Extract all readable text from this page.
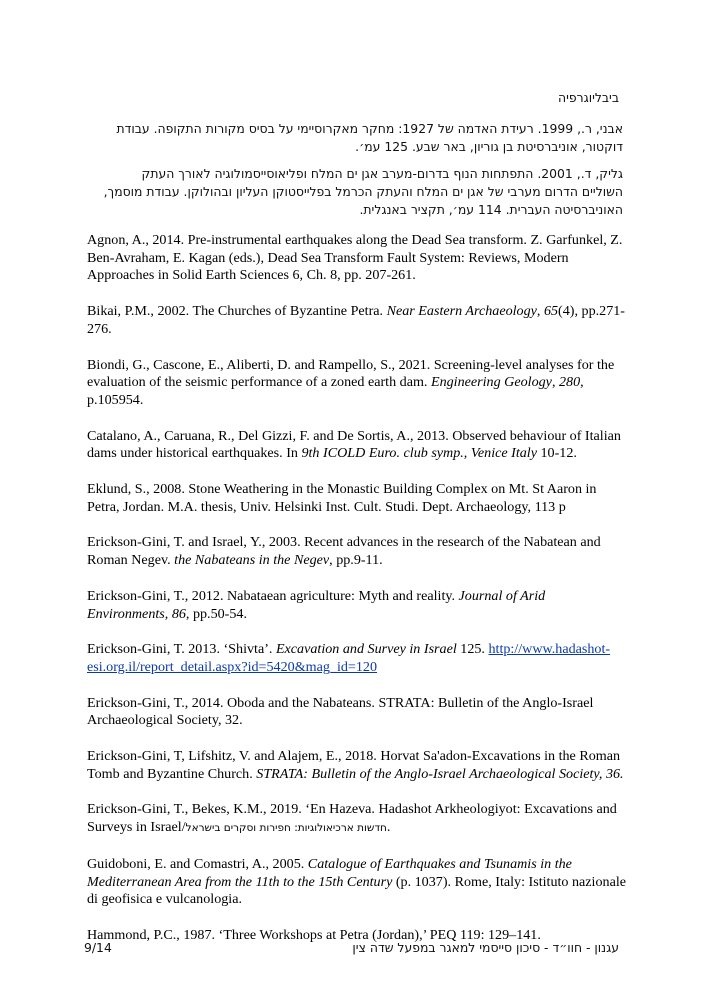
ביבליוגרפיה
אבני, ר., 1999. רעידת האדמה של 1927: מחקר מאקרוסיימי על בסיס מקורות התקופה. עבודת
דוקטור, אוניברסיטת בן גוריון, באר שבע. 125 עמ׳.
גליק, ד., 2001. התפתחות הנוף בדרום-מערב אגן ים המלח ופליאוסייסמולוגיה לאורך העתק
השוליים הדרום מערבי של אגן ים המלח והעתק הכרמל בפלייסטוקן העליון ובהולוקן. עבודת מוסמך,
האוניברסיטה העברית. 114 עמ׳, תקציר באנגלית.
Agnon, A., 2014. Pre-instrumental earthquakes along the Dead Sea transform. Z. Garfunkel, Z. Ben-Avraham, E. Kagan (eds.), Dead Sea Transform Fault System: Reviews, Modern Approaches in Solid Earth Sciences 6, Ch. 8, pp. 207-261.
Bikai, P.M., 2002. The Churches of Byzantine Petra. Near Eastern Archaeology, 65(4), pp.271-276.
Biondi, G., Cascone, E., Aliberti, D. and Rampello, S., 2021. Screening-level analyses for the evaluation of the seismic performance of a zoned earth dam. Engineering Geology, 280, p.105954.
Catalano, A., Caruana, R., Del Gizzi, F. and De Sortis, A., 2013. Observed behaviour of Italian dams under historical earthquakes. In 9th ICOLD Euro. club symp., Venice Italy 10-12.
Eklund, S., 2008. Stone Weathering in the Monastic Building Complex on Mt. St Aaron in Petra, Jordan. M.A. thesis, Univ. Helsinki Inst. Cult. Studi. Dept. Archaeology, 113 p
Erickson-Gini, T. and Israel, Y., 2003. Recent advances in the research of the Nabatean and Roman Negev. the Nabateans in the Negev, pp.9-11.
Erickson-Gini, T., 2012. Nabataean agriculture: Myth and reality. Journal of Arid Environments, 86, pp.50-54.
Erickson-Gini, T. 2013. ‘Shivta’. Excavation and Survey in Israel 125. http://www.hadashot-esi.org.il/report_detail.aspx?id=5420&mag_id=120
Erickson-Gini, T., 2014. Oboda and the Nabateans. STRATA: Bulletin of the Anglo-Israel Archaeological Society, 32.
Erickson-Gini, T, Lifshitz, V. and Alajem, E., 2018. Horvat Sa'adon-Excavations in the Roman Tomb and Byzantine Church. STRATA: Bulletin of the Anglo-Israel Archaeological Society, 36.
Erickson-Gini, T., Bekes, K.M., 2019. ‘En Hazeva. Hadashot Arkheologiyot: Excavations and Surveys in Israel/חדשות ארכיאולוגיות: חפירות וסקרים בישראל.
Guidoboni, E. and Comastri, A., 2005. Catalogue of Earthquakes and Tsunamis in the Mediterranean Area from the 11th to the 15th Century (p. 1037). Rome, Italy: Istituto nazionale di geofisica e vulcanologia.
Hammond, P.C., 1987. ‘Three Workshops at Petra (Jordan),’ PEQ 119: 129–141.
9/14	עגנון - חוו״ד - סיכון סייסמי למאגר במפעל שדה צין
